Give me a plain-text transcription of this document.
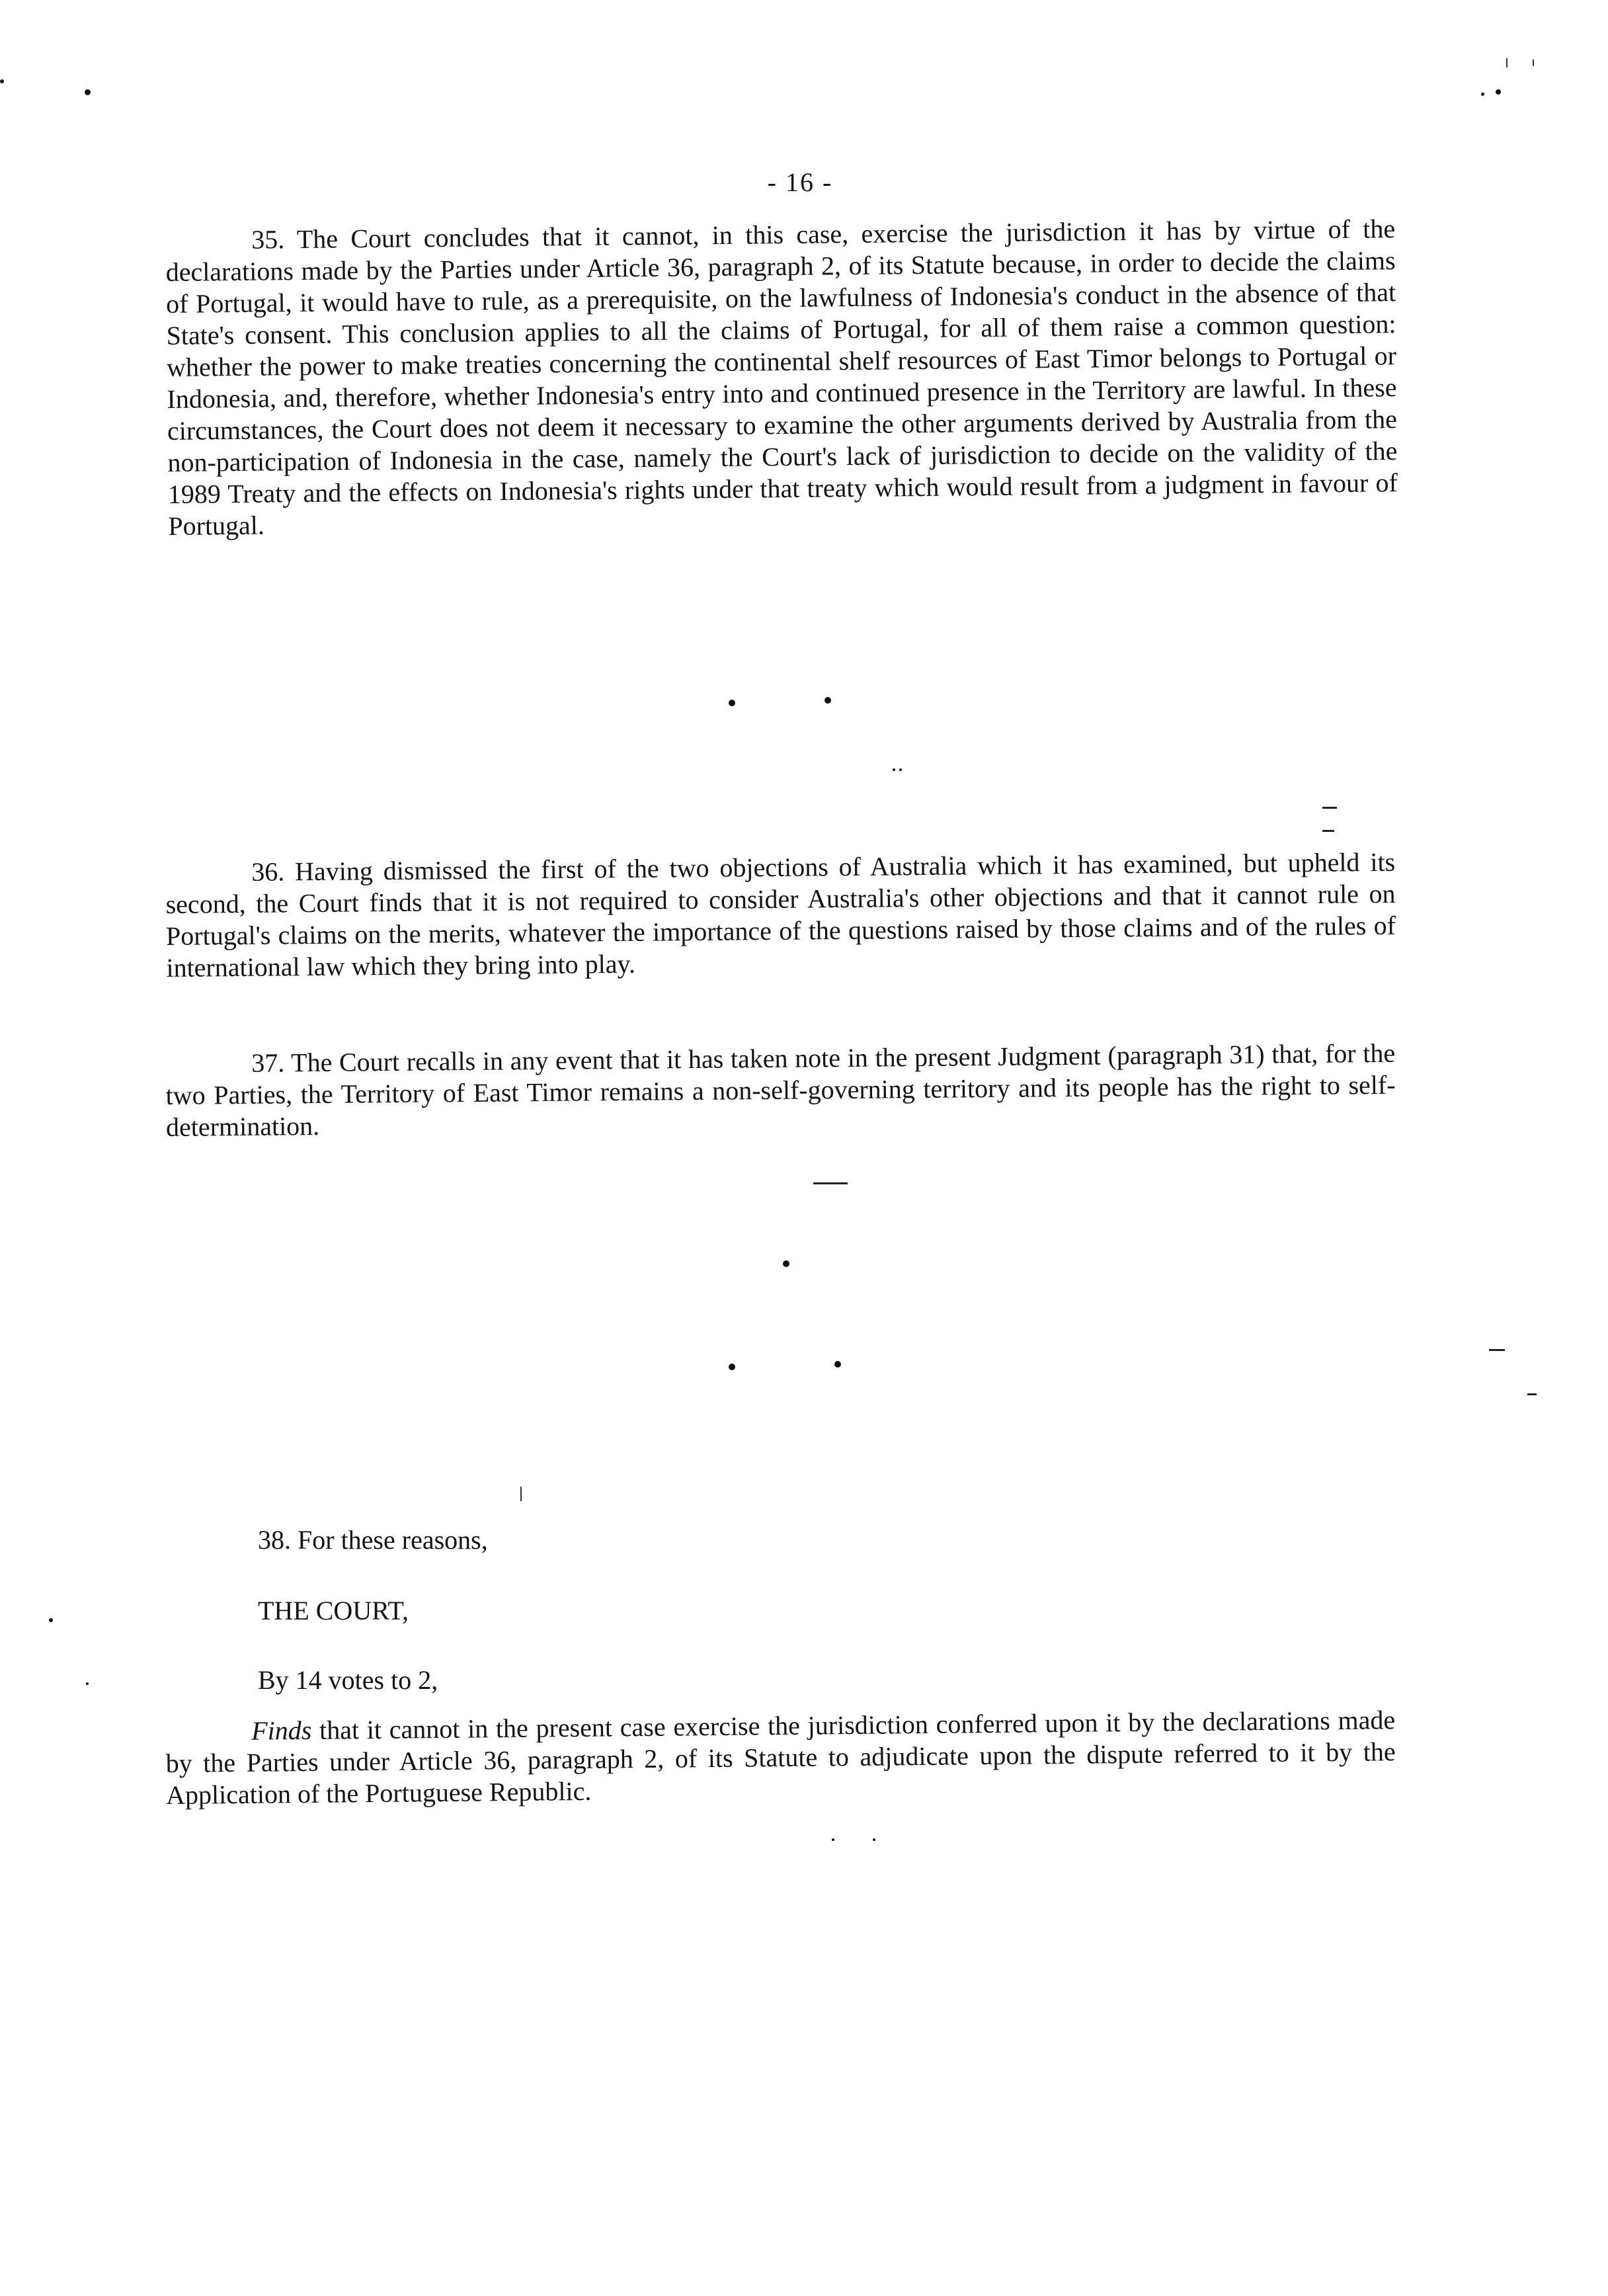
- 16 -

35. The Court concludes that it cannot, in this case, exercise the jurisdiction it has by virtue of the declarations made by the Parties under Article 36, paragraph 2, of its Statute because, in order to decide the claims of Portugal, it would have to rule, as a prerequisite, on the lawfulness of Indonesia's conduct in the absence of that State's consent. This conclusion applies to all the claims of Portugal, for all of them raise a common question: whether the power to make treaties concerning the continental shelf resources of East Timor belongs to Portugal or Indonesia, and, therefore, whether Indonesia's entry into and continued presence in the Territory are lawful. In these circumstances, the Court does not deem it necessary to examine the other arguments derived by Australia from the non-participation of Indonesia in the case, namely the Court's lack of jurisdiction to decide on the validity of the 1989 Treaty and the effects on Indonesia's rights under that treaty which would result from a judgment in favour of Portugal.

36. Having dismissed the first of the two objections of Australia which it has examined, but upheld its second, the Court finds that it is not required to consider Australia's other objections and that it cannot rule on Portugal's claims on the merits, whatever the importance of the questions raised by those claims and of the rules of international law which they bring into play.

37. The Court recalls in any event that it has taken note in the present Judgment (paragraph 31) that, for the two Parties, the Territory of East Timor remains a non-self-governing territory and its people has the right to self-determination.

38. For these reasons,

THE COURT,

By 14 votes to 2,

Finds that it cannot in the present case exercise the jurisdiction conferred upon it by the declarations made by the Parties under Article 36, paragraph 2, of its Statute to adjudicate upon the dispute referred to it by the Application of the Portuguese Republic.
